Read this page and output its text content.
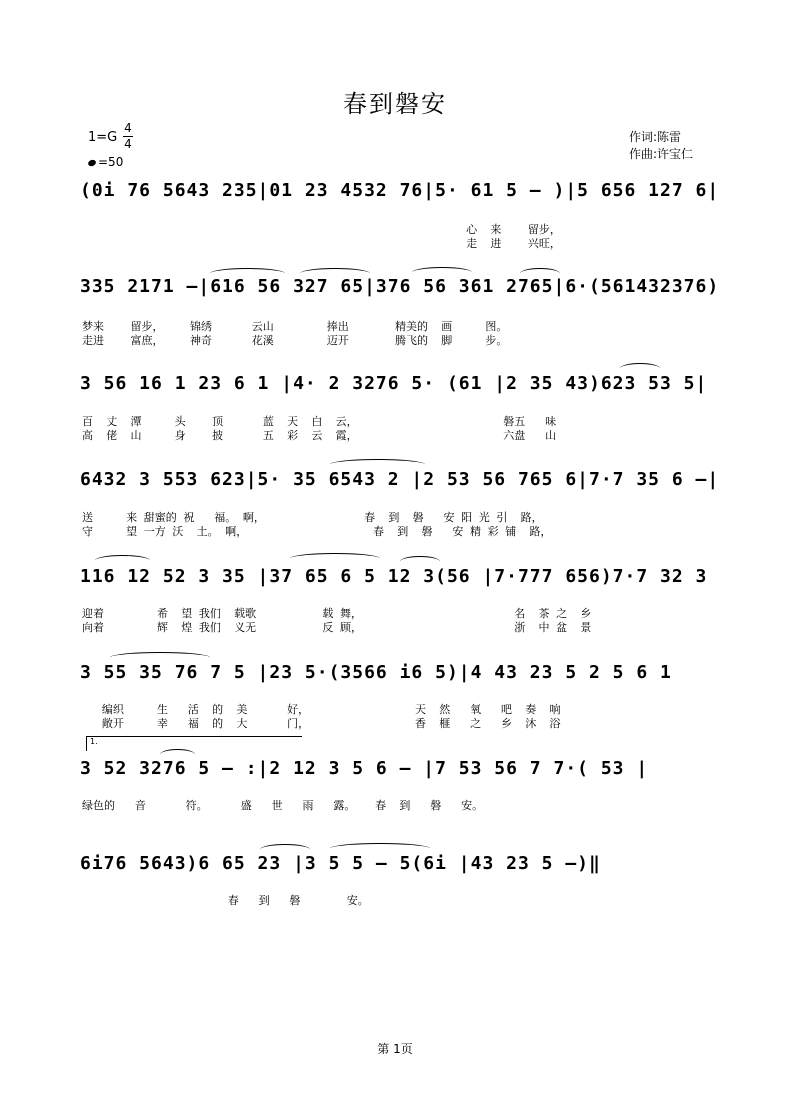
春到磐安
1=G
4
4
=50
作词:陈雷
作曲:许宝仁
(0i 76 5643 235|01 23 4532 76|5· 61 5 – )|5 656 127 6|
心  来    留步，
走  进    兴旺，
335 2171 –|616 56 327 65|376 56 361 2765|6·(561432376)
梦来    留步，    锦绣      云山        捧出       精美的  画     图。
走进    富庶，    神奇      花溪        迈开       腾飞的  脚     步。
3 56 16 1 23 6 1 |4· 2 3276 5· (61 |2 35 43)623 53 5|
百  丈  潭     头    顶      蓝  天  白  云，                      磐五   味
高  佬  山     身    披      五  彩  云  霞，                      六盘   山
6432 3 553 623|5· 35 6543 2 |2 53 56 765 6|7·7 35 6 –|
送     来 甜蜜的 祝   福。 啊，               春  到  磐   安 阳 光 引  路，
守     望 一方 沃  土。 啊，                   春  到  磐   安 精 彩 铺  路，
116 12 52 3 35 |37 65 6 5 12 3(56 |7·777 656)7·7 32 3
迎着        希  望 我们  载歌          载 舞，                       名  茶 之  乡
向着        辉  煌 我们  义无          反 顾，                       浙  中 盆  景
3 55 35 76 7 5 |23 5·(3566 i6 5)|4 43 23 5 2 5 6 1
编织     生   活  的  美      好，                天  然   氧   吧  奏  响
敞开     幸   福  的  大      门，                香  榧   之   乡  沐  浴
1.
3 52 3276 5 – :|2 12 3 5 6 – |7 53 56 7 7·( 53 |
绿色的   音      符。     盛   世   雨   露。   春  到   磐   安。
6i76 5643)6 65 23 |3 5 5 – 5(6i |43 23 5 –)‖
春   到   磐       安。
第 1页
